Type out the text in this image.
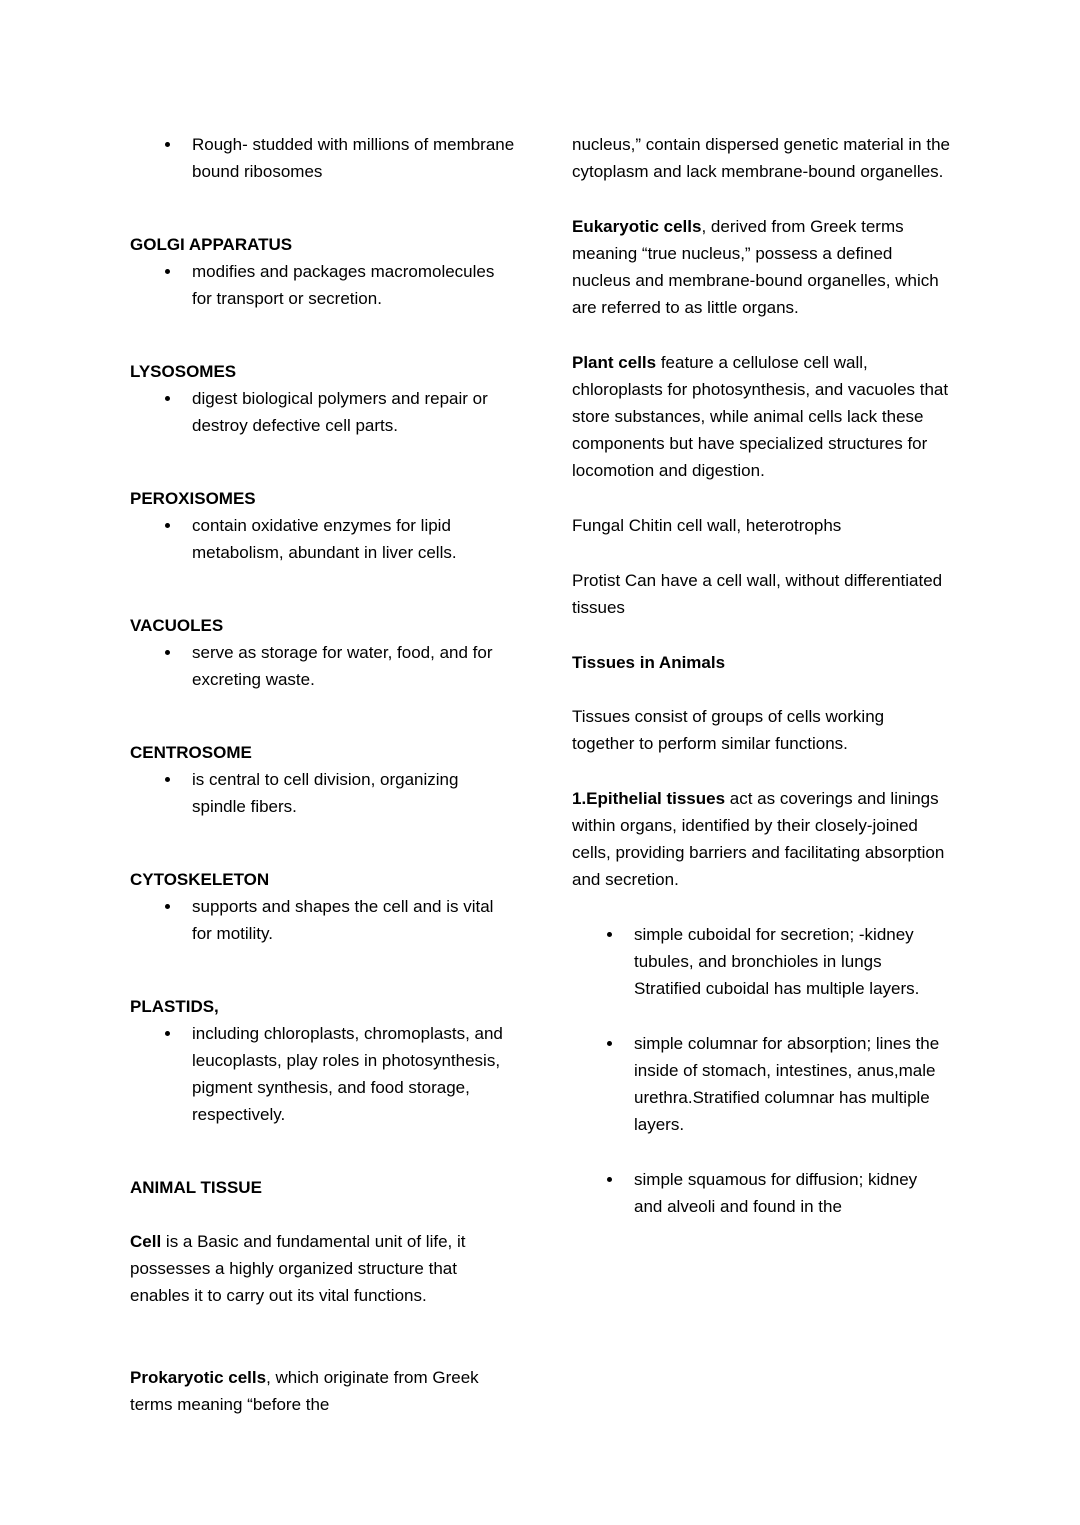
• Rough- studded with millions of membrane bound ribosomes

GOLGI APPARATUS

• modifies and packages macromolecules for transport or secretion.

LYSOSOMES

• digest biological polymers and repair or destroy defective cell parts.

PEROXISOMES

• contain oxidative enzymes for lipid metabolism, abundant in liver cells.

VACUOLES

• serve as storage for water, food, and for excreting waste.

CENTROSOME

• is central to cell division, organizing spindle fibers.

CYTOSKELETON

• supports and shapes the cell and is vital for motility.

PLASTIDS,

• including chloroplasts, chromoplasts, and leucoplasts, play roles in photosynthesis, pigment synthesis, and food storage, respectively.

ANIMAL TISSUE

Cell is a Basic and fundamental unit of life, it possesses a highly organized structure that enables it to carry out its vital functions.

Prokaryotic cells, which originate from Greek terms meaning “before the

nucleus,” contain dispersed genetic material in the cytoplasm and lack membrane-bound organelles.

Eukaryotic cells, derived from Greek terms meaning “true nucleus,” possess a defined nucleus and membrane-bound organelles, which are referred to as little organs.

Plant cells feature a cellulose cell wall, chloroplasts for photosynthesis, and vacuoles that store substances, while animal cells lack these components but have specialized structures for locomotion and digestion.

Fungal Chitin cell wall, heterotrophs

Protist Can have a cell wall, without differentiated tissues

Tissues in Animals

Tissues consist of groups of cells working together to perform similar functions.

1.Epithelial tissues act as coverings and linings within organs, identified by their closely-joined cells, providing barriers and facilitating absorption and secretion.

• simple cuboidal for secretion; -kidney tubules, and bronchioles in lungs Stratified cuboidal has multiple layers.
• simple columnar for absorption; lines the inside of stomach, intestines, anus,male urethra.Stratified columnar has multiple layers.
• simple squamous for diffusion; kidney and alveoli and found in the
